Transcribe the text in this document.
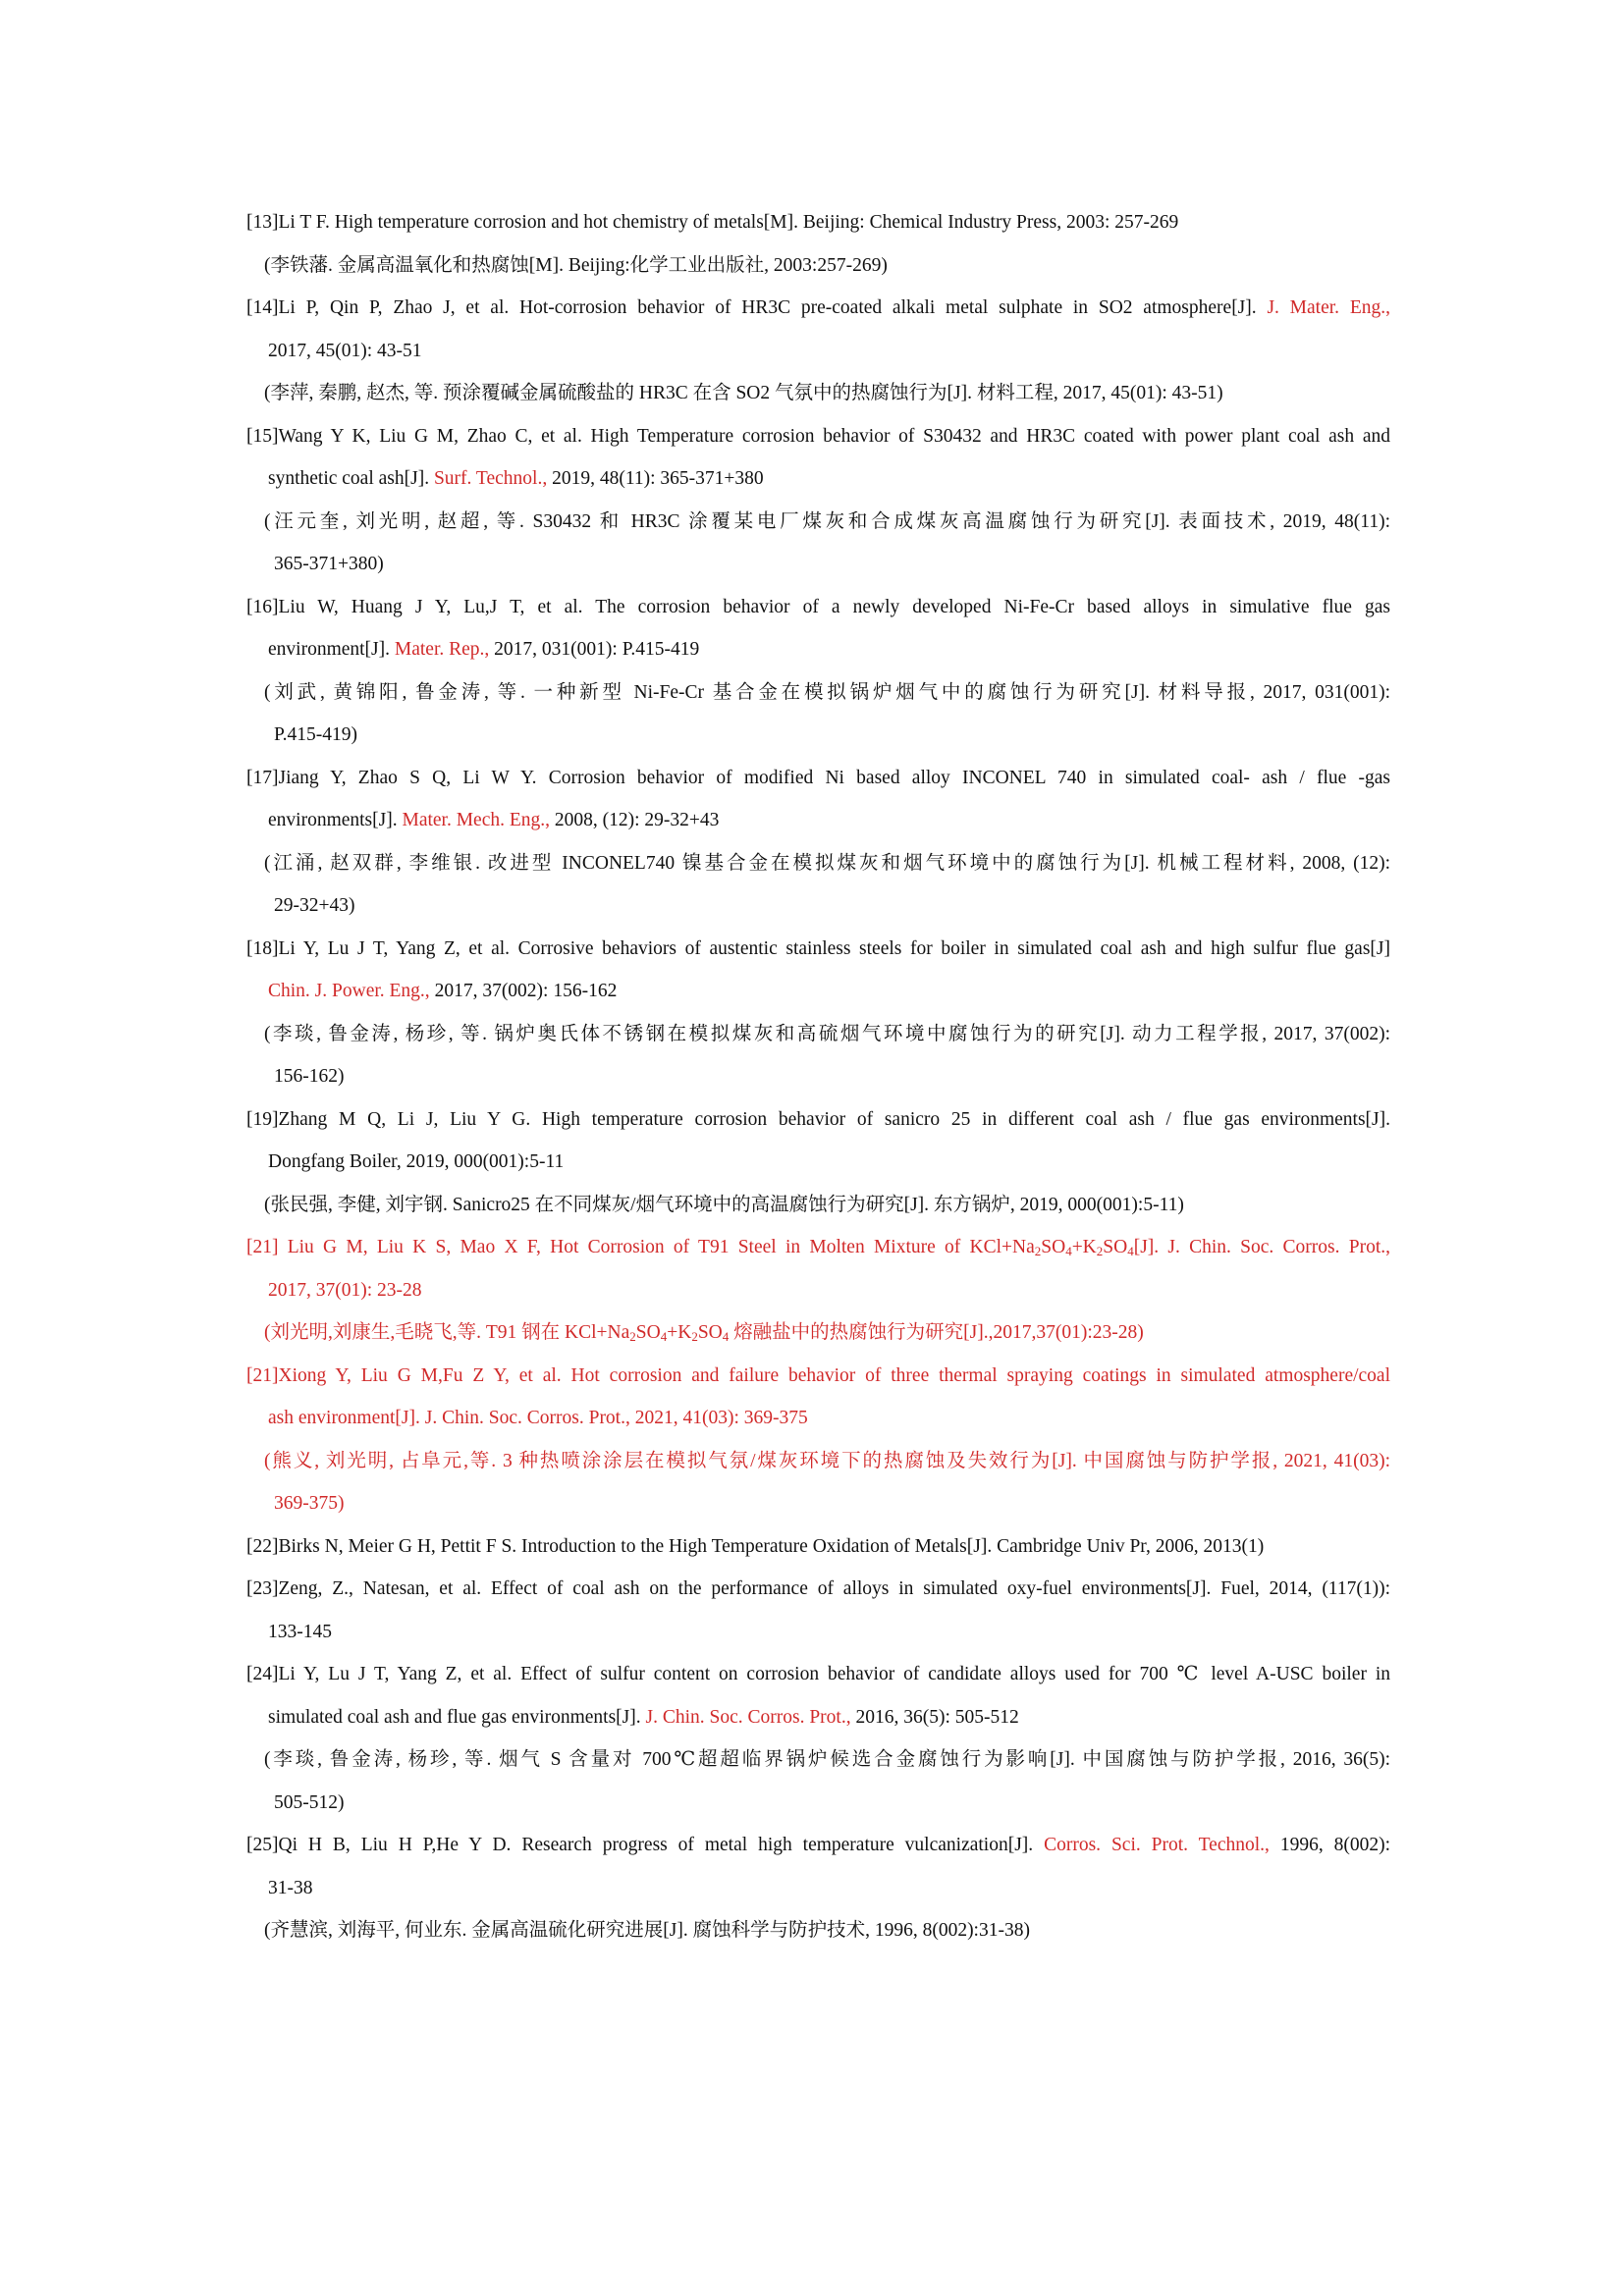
[13]Li T F. High temperature corrosion and hot chemistry of metals[M]. Beijing: Chemical Industry Press, 2003: 257-269
(李铁藩. 金属高温氧化和热腐蚀[M]. Beijing:化学工业出版社, 2003:257-269)
[14]Li P, Qin P, Zhao J, et al. Hot-corrosion behavior of HR3C pre-coated alkali metal sulphate in SO2 atmosphere[J]. J. Mater. Eng.,
2017, 45(01): 43-51
(李萍, 秦鹏, 赵杰, 等. 预涂覆碱金属硫酸盐的 HR3C 在含 SO2 气氛中的热腐蚀行为[J]. 材料工程, 2017, 45(01): 43-51)
[15]Wang Y K, Liu G M, Zhao C, et al. High Temperature corrosion behavior of S30432 and HR3C coated with power plant coal ash and
synthetic coal ash[J]. Surf. Technol., 2019, 48(11): 365-371+380
(汪元奎, 刘光明, 赵超, 等. S30432 和 HR3C 涂覆某电厂煤灰和合成煤灰高温腐蚀行为研究[J]. 表面技术, 2019, 48(11):
365-371+380)
[16]Liu W, Huang J Y, Lu,J T, et al. The corrosion behavior of a newly developed Ni-Fe-Cr based alloys in simulative flue gas
environment[J]. Mater. Rep., 2017, 031(001): P.415-419
(刘武, 黄锦阳, 鲁金涛, 等. 一种新型 Ni-Fe-Cr 基合金在模拟锅炉烟气中的腐蚀行为研究[J]. 材料导报, 2017, 031(001):
P.415-419)
[17]Jiang Y, Zhao S Q, Li W Y. Corrosion behavior of modified Ni based alloy INCONEL 740 in simulated coal- ash / flue -gas
environments[J]. Mater. Mech. Eng., 2008, (12): 29-32+43
(江涌, 赵双群, 李维银. 改进型 INCONEL740 镍基合金在模拟煤灰和烟气环境中的腐蚀行为[J]. 机械工程材料, 2008, (12):
29-32+43)
[18]Li Y, Lu J T, Yang Z, et al. Corrosive behaviors of austentic stainless steels for boiler in simulated coal ash and high sulfur flue gas[J]
Chin. J. Power. Eng., 2017, 37(002): 156-162
(李琰, 鲁金涛, 杨珍, 等. 锅炉奥氏体不锈钢在模拟煤灰和高硫烟气环境中腐蚀行为的研究[J]. 动力工程学报, 2017, 37(002):
156-162)
[19]Zhang M Q, Li J, Liu Y G. High temperature corrosion behavior of sanicro 25 in different coal ash / flue gas environments[J].
Dongfang Boiler, 2019, 000(001):5-11
(张民强, 李健, 刘宇钢. Sanicro25 在不同煤灰/烟气环境中的高温腐蚀行为研究[J]. 东方锅炉, 2019, 000(001):5-11)
[21] Liu G M, Liu K S, Mao X F, Hot Corrosion of T91 Steel in Molten Mixture of $KCl+Na_2SO_4+K_2SO_4[J]$. J. Chin. Soc. Corros. Prot.,
2017, 37(01): 23-28
(刘光明,刘康生,毛晓飞,等. T91 钢在 $KCl+Na_2SO_4+K_2SO_4$ 熔融盐中的热腐蚀行为研究[J].,2017,37(01):23-28)
[21]Xiong Y, Liu G M,Fu Z Y, et al. Hot corrosion and failure behavior of three thermal spraying coatings in simulated atmosphere/coal
ash environment[J]. J. Chin. Soc. Corros. Prot., 2021, 41(03): 369-375
(熊义, 刘光明, 占阜元,等. 3 种热喷涂涂层在模拟气氛/煤灰环境下的热腐蚀及失效行为[J]. 中国腐蚀与防护学报, 2021, 41(03):
369-375)
[22]Birks N, Meier G H, Pettit F S. Introduction to the High Temperature Oxidation of Metals[J]. Cambridge Univ Pr, 2006, 2013(1)
[23]Zeng, Z., Natesan, et al. Effect of coal ash on the performance of alloys in simulated oxy-fuel environments[J]. Fuel, 2014, (117(1)):
133-145
[24]Li Y, Lu J T, Yang Z, et al. Effect of sulfur content on corrosion behavior of candidate alloys used for 700 ℃ level A-USC boiler in
simulated coal ash and flue gas environments[J]. J. Chin. Soc. Corros. Prot., 2016, 36(5): 505-512
(李琰, 鲁金涛, 杨珍, 等. 烟气 S 含量对 700℃超超临界锅炉候选合金腐蚀行为影响[J]. 中国腐蚀与防护学报, 2016, 36(5):
505-512)
[25]Qi H B, Liu H P,He Y D. Research progress of metal high temperature vulcanization[J]. Corros. Sci. Prot. Technol., 1996, 8(002):
31-38
(齐慧滨, 刘海平, 何业东. 金属高温硫化研究进展[J]. 腐蚀科学与防护技术, 1996, 8(002):31-38)
